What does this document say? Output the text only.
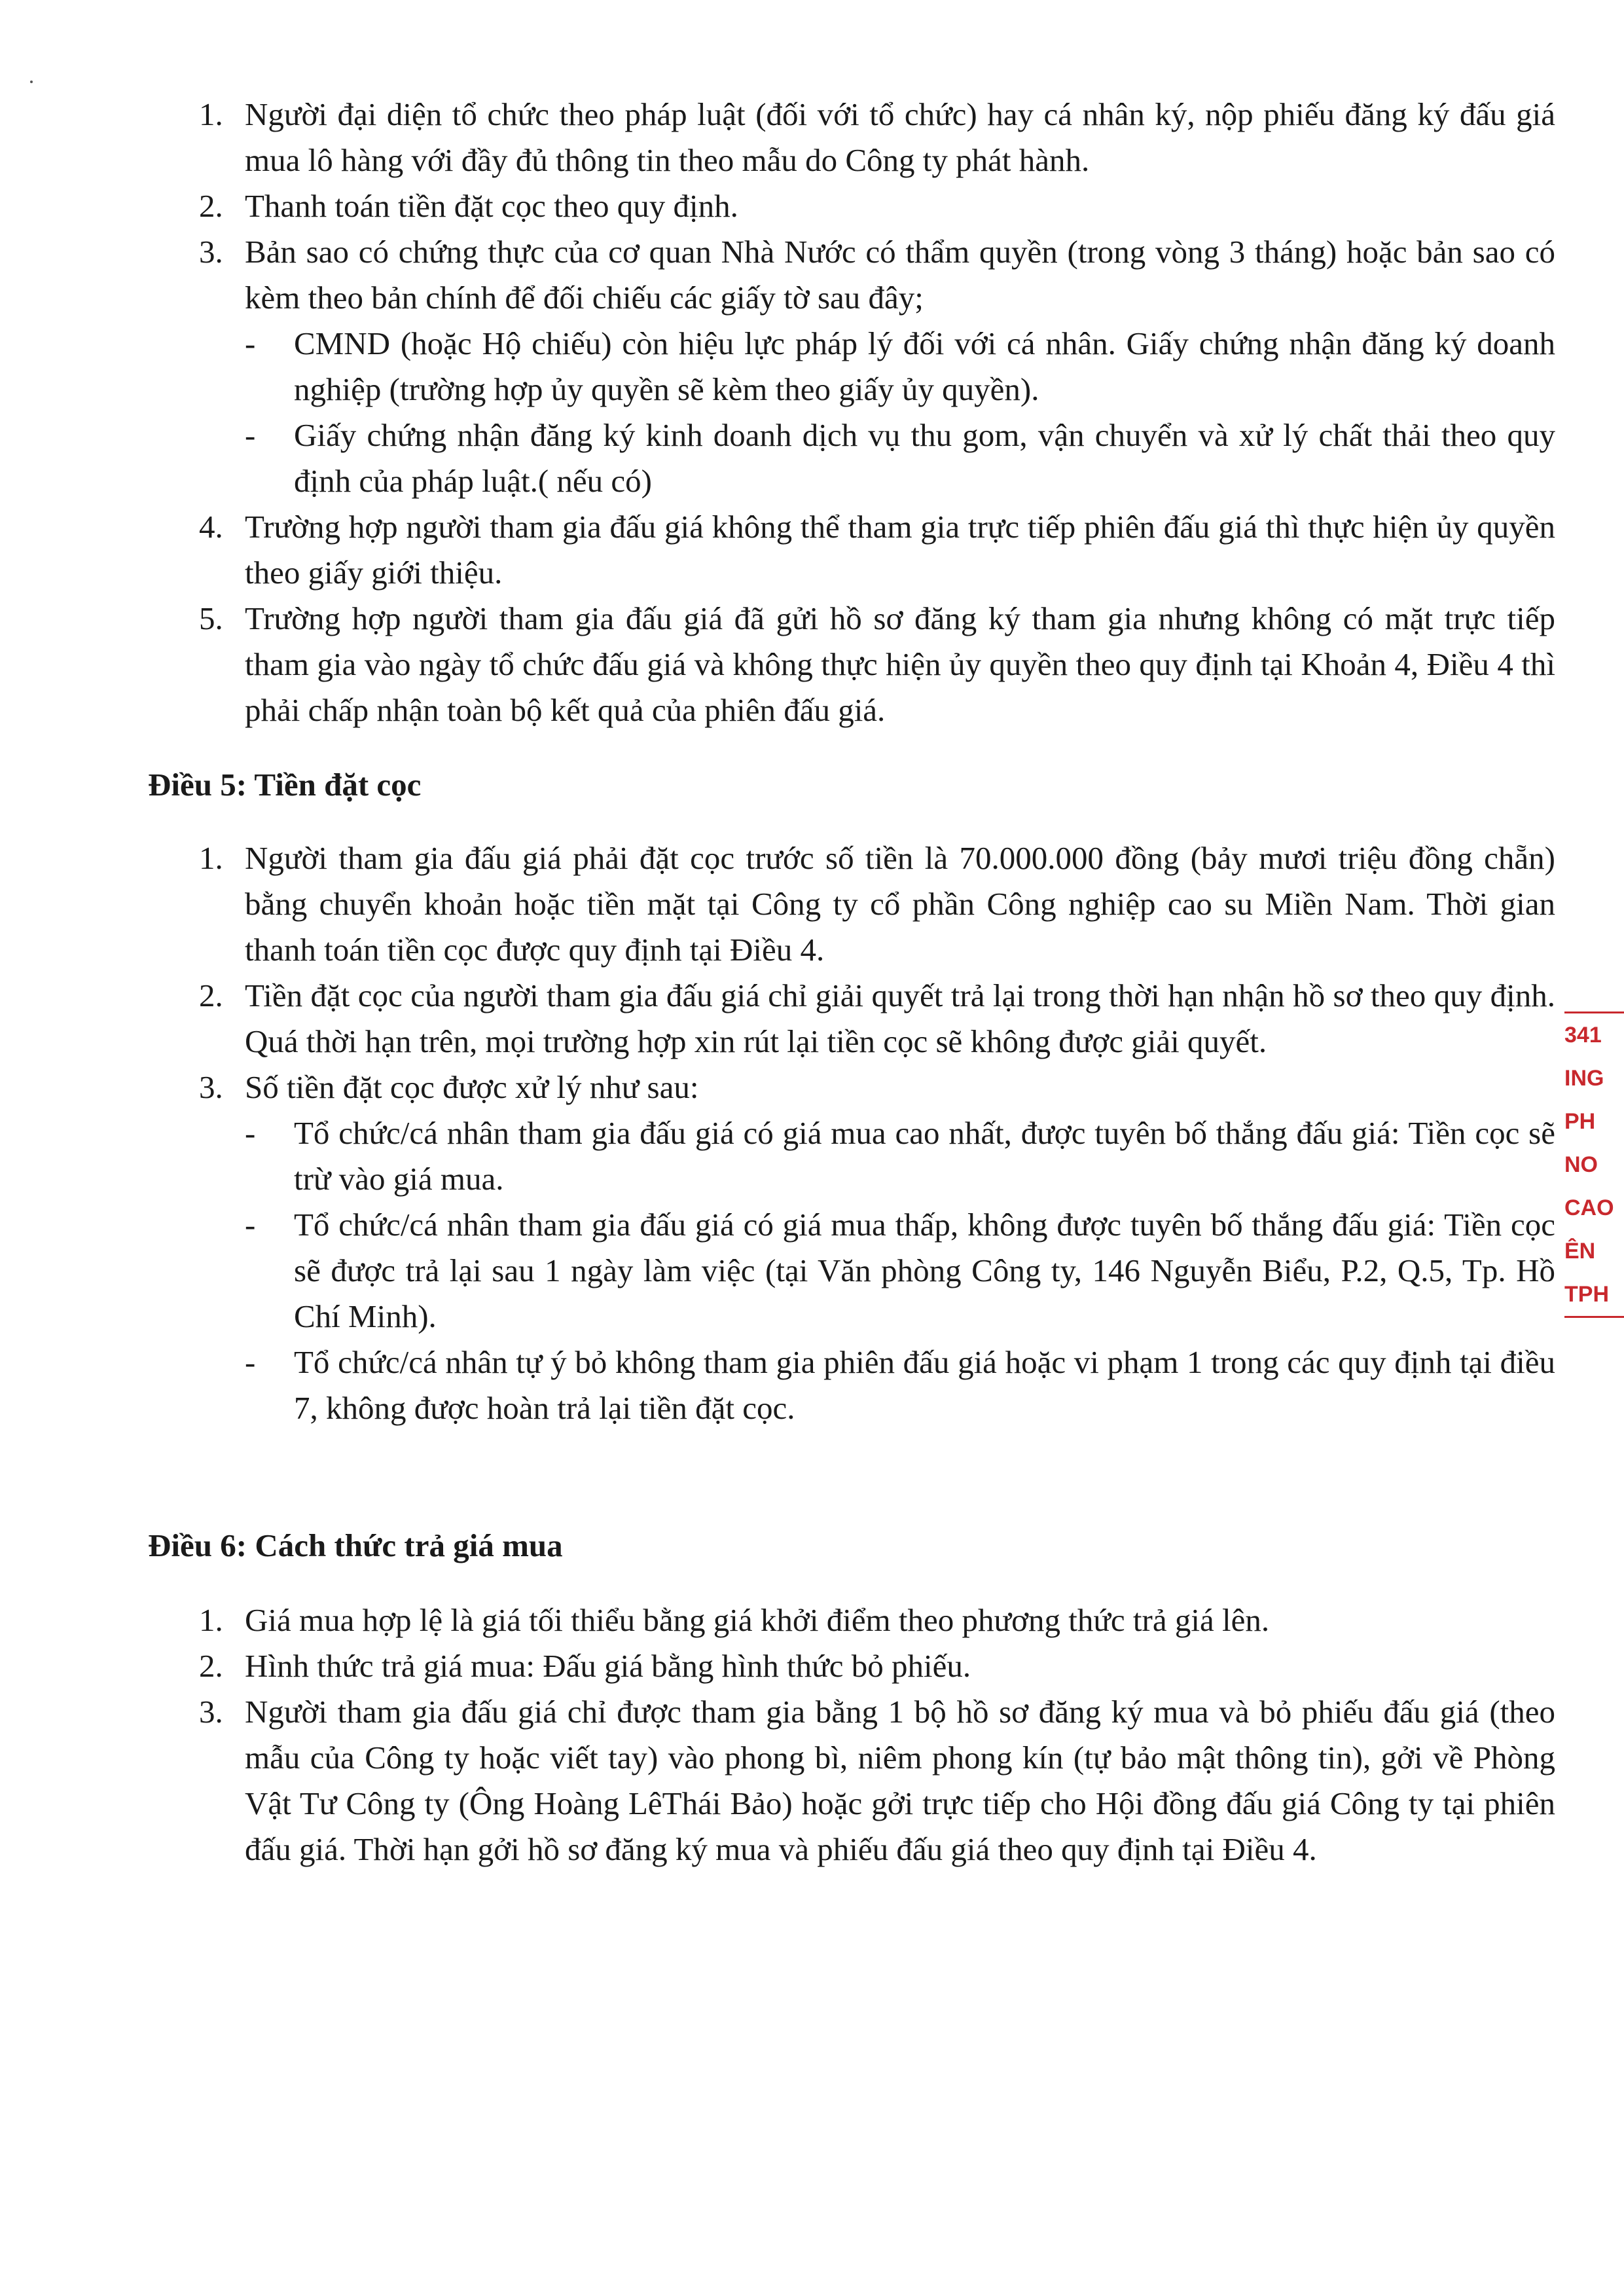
1. Người đại diện tổ chức theo pháp luật (đối với tổ chức) hay cá nhân ký, nộp phiếu đăng ký đấu giá mua lô hàng với đầy đủ thông tin theo mẫu do Công ty phát hành.
2. Thanh toán tiền đặt cọc theo quy định.
3. Bản sao có chứng thực của cơ quan Nhà Nước có thẩm quyền (trong vòng 3 tháng) hoặc bản sao có kèm theo bản chính để đối chiếu các giấy tờ sau đây;
- CMND (hoặc Hộ chiếu) còn hiệu lực pháp lý đối với cá nhân. Giấy chứng nhận đăng ký doanh nghiệp (trường hợp ủy quyền sẽ kèm theo giấy ủy quyền).
- Giấy chứng nhận đăng ký kinh doanh dịch vụ thu gom, vận chuyển và xử lý chất thải theo quy định của pháp luật.( nếu có)
4. Trường hợp người tham gia đấu giá không thể tham gia trực tiếp phiên đấu giá thì thực hiện ủy quyền theo giấy giới thiệu.
5. Trường hợp người tham gia đấu giá đã gửi hồ sơ đăng ký tham gia nhưng không có mặt trực tiếp tham gia vào ngày tổ chức đấu giá và không thực hiện ủy quyền theo quy định tại Khoản 4, Điều 4 thì phải chấp nhận toàn bộ kết quả của phiên đấu giá.

Điều 5: Tiền đặt cọc

1. Người tham gia đấu giá phải đặt cọc trước số tiền là 70.000.000 đồng (bảy mươi triệu đồng chẵn) bằng chuyển khoản hoặc tiền mặt tại Công ty cổ phần Công nghiệp cao su Miền Nam. Thời gian thanh toán tiền cọc được quy định tại Điều 4.
2. Tiền đặt cọc của người tham gia đấu giá chỉ giải quyết trả lại trong thời hạn nhận hồ sơ theo quy định. Quá thời hạn trên, mọi trường hợp xin rút lại tiền cọc sẽ không được giải quyết.
3. Số tiền đặt cọc được xử lý như sau:
- Tổ chức/cá nhân tham gia đấu giá có giá mua cao nhất, được tuyên bố thắng đấu giá: Tiền cọc sẽ trừ vào giá mua.
- Tổ chức/cá nhân tham gia đấu giá có giá mua thấp, không được tuyên bố thắng đấu giá: Tiền cọc sẽ được trả lại sau 1 ngày làm việc (tại Văn phòng Công ty, 146 Nguyễn Biểu, P.2, Q.5, Tp. Hồ Chí Minh).
- Tổ chức/cá nhân tự ý bỏ không tham gia phiên đấu giá hoặc vi phạm 1 trong các quy định tại điều 7, không được hoàn trả lại tiền đặt cọc.

Điều 6: Cách thức trả giá mua

1. Giá mua hợp lệ là giá tối thiểu bằng giá khởi điểm theo phương thức trả giá lên.
2. Hình thức trả giá mua: Đấu giá bằng hình thức bỏ phiếu.
3. Người tham gia đấu giá chỉ được tham gia bằng 1 bộ hồ sơ đăng ký mua và bỏ phiếu đấu giá (theo mẫu của Công ty hoặc viết tay) vào phong bì, niêm phong kín (tự bảo mật thông tin), gởi về Phòng Vật Tư Công ty (Ông Hoàng LêThái Bảo) hoặc gởi trực tiếp cho Hội đồng đấu giá Công ty tại phiên đấu giá. Thời hạn gởi hồ sơ đăng ký mua và phiếu đấu giá theo quy định tại Điều 4.
341
ING
PH
NO
CAO
ÊN
TPH
